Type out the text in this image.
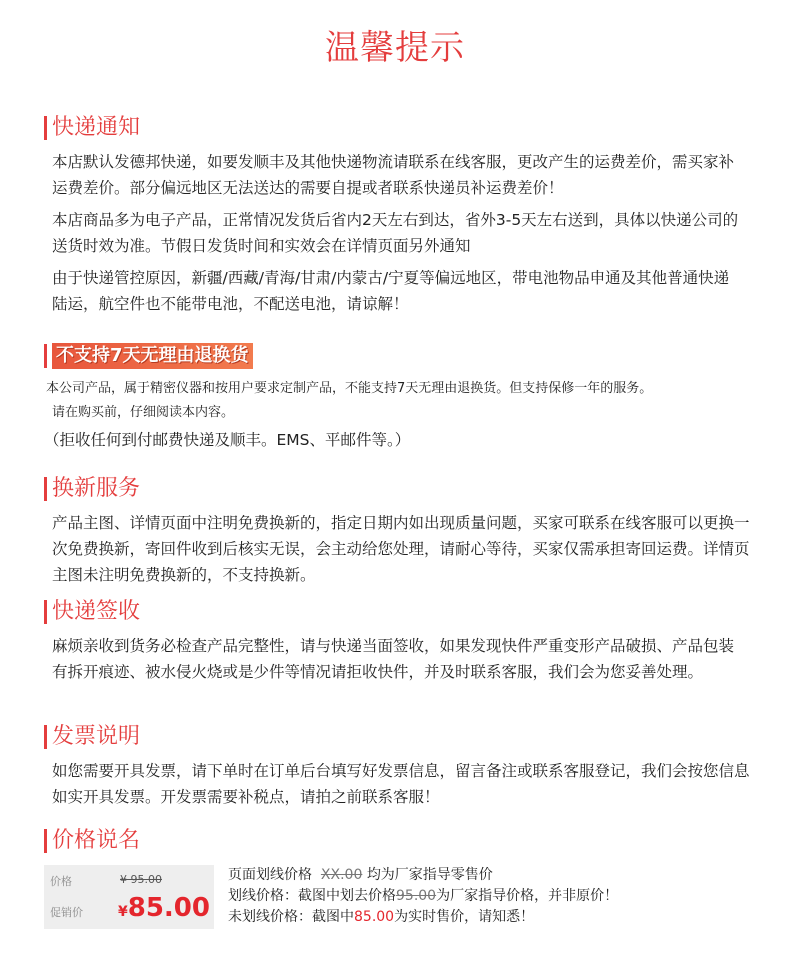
温馨提示
快递通知

本店默认发德邦快递，如要发顺丰及其他快递物流请联系在线客服，更改产生的运费差价，需买家补运费差价。部分偏远地区无法送达的需要自提或者联系快递员补运费差价！

本店商品多为电子产品，正常情况发货后省内2天左右到达，省外3-5天左右送到，具体以快递公司的送货时效为准。节假日发货时间和实效会在详情页面另外通知

由于快递管控原因，新疆/西藏/青海/甘肃/内蒙古/宁夏等偏远地区，带电池物品申通及其他普通快递陆运，航空件也不能带电池，不配送电池，请谅解！

不支持7天无理由退换货

本公司产品，属于精密仪器和按用户要求定制产品，不能支持7天无理由退换货。但支持保修一年的服务。

请在购买前，仔细阅读本内容。

（拒收任何到付邮费快递及顺丰。EMS、平邮件等。）

换新服务

产品主图、详情页面中注明免费换新的，指定日期内如出现质量问题，买家可联系在线客服可以更换一次免费换新，寄回件收到后核实无误，会主动给您处理，请耐心等待，买家仅需承担寄回运费。详情页主图未注明免费换新的，不支持换新。

快递签收

麻烦亲收到货务必检查产品完整性，请与快递当面签收，如果发现快件严重变形产品破损、产品包装有拆开痕迹、被水侵火烧或是少件等情况请拒收快件，并及时联系客服，我们会为您妥善处理。

发票说明

如您需要开具发票，请下单时在订单后台填写好发票信息，留言备注或联系客服登记，我们会按您信息如实开具发票。开发票需要补税点，请拍之前联系客服！

价格说名
价格	¥ 95.00
促销价	¥85.00
页面划线价格 XX.00 均为厂家指导零售价
划线价格：截图中划去价格95.00为厂家指导价格，并非原价！
未划线价格：截图中85.00为实时售价，请知悉！
